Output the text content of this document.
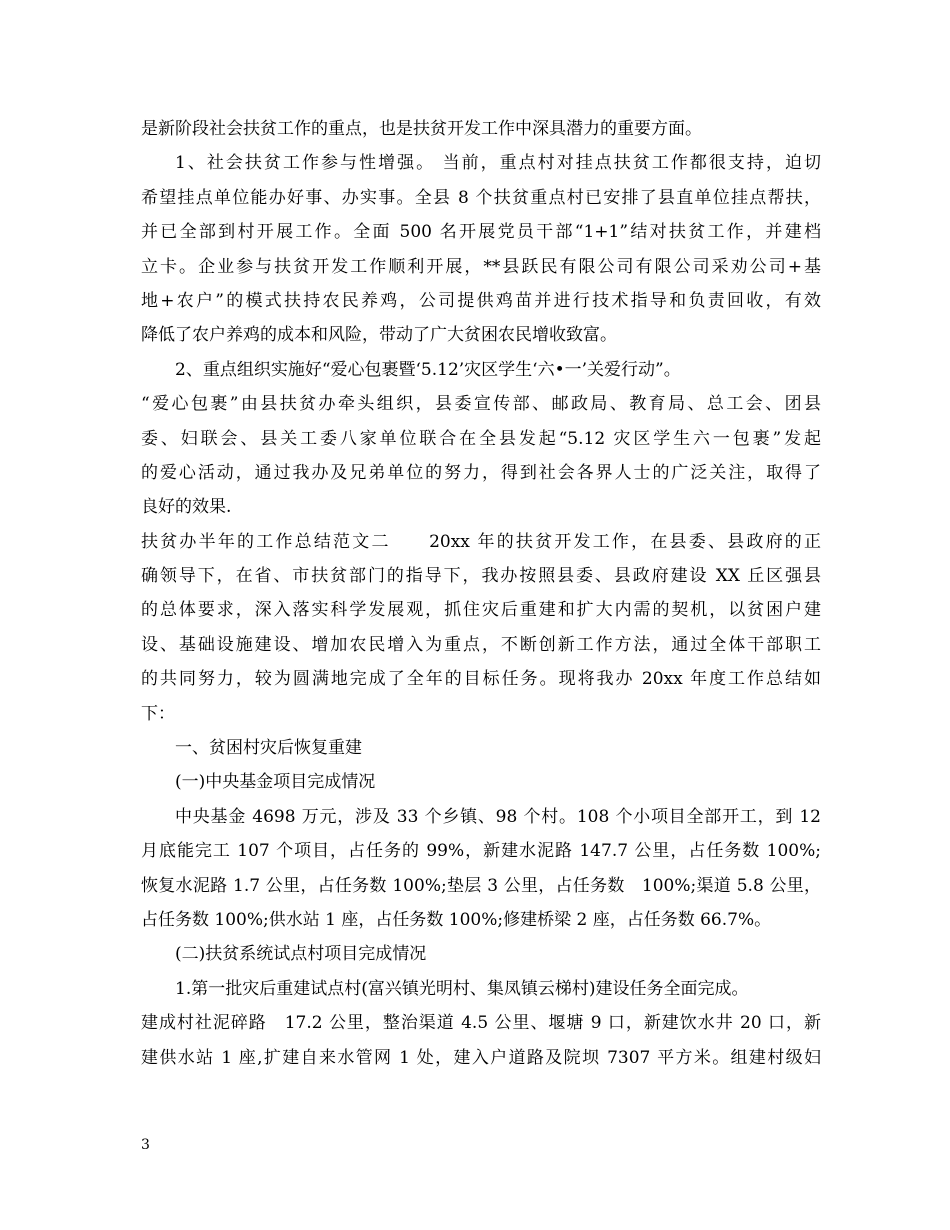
是新阶段社会扶贫工作的重点，也是扶贫开发工作中深具潜力的重要方面。
1、社会扶贫工作参与性增强。 当前，重点村对挂点扶贫工作都很支持，迫切
希望挂点单位能办好事、办实事。全县 8 个扶贫重点村已安排了县直单位挂点帮扶，
并已全部到村开展工作。全面 500 名开展党员干部“1+1”结对扶贫工作，并建档
立卡。企业参与扶贫开发工作顺利开展，**县跃民有限公司有限公司采劝公司+基
地+农户”的模式扶持农民养鸡，公司提供鸡苗并进行技术指导和负责回收，有效
降低了农户养鸡的成本和风险，带动了广大贫困农民增收致富。
2、重点组织实施好“爱心包裹暨‘5.12’灾区学生‘六•一’关爱行动”。
“爱心包裹”由县扶贫办牵头组织，县委宣传部、邮政局、教育局、总工会、团县
委、妇联会、县关工委八家单位联合在全县发起“5.12 灾区学生六一包裹”发起
的爱心活动，通过我办及兄弟单位的努力，得到社会各界人士的广泛关注，取得了
良好的效果.
扶贫办半年的工作总结范文二　　20xx 年的扶贫开发工作，在县委、县政府的正
确领导下，在省、市扶贫部门的指导下，我办按照县委、县政府建设 XX 丘区强县
的总体要求，深入落实科学发展观，抓住灾后重建和扩大内需的契机，以贫困户建
设、基础设施建设、增加农民增入为重点，不断创新工作方法，通过全体干部职工
的共同努力，较为圆满地完成了全年的目标任务。现将我办 20xx 年度工作总结如
下：
一、贫困村灾后恢复重建
(一)中央基金项目完成情况
中央基金 4698 万元，涉及 33 个乡镇、98 个村。108 个小项目全部开工，到 12
月底能完工 107 个项目，占任务的 99%，新建水泥路 147.7 公里，占任务数 100%;
恢复水泥路 1.7 公里，占任务数 100%;垫层 3 公里，占任务数　100%;渠道 5.8 公里，
占任务数 100%;供水站 1 座，占任务数 100%;修建桥梁 2 座，占任务数 66.7%。
(二)扶贫系统试点村项目完成情况
1.第一批灾后重建试点村(富兴镇光明村、集凤镇云梯村)建设任务全面完成。
建成村社泥碎路　17.2 公里，整治渠道 4.5 公里、堰塘 9 口，新建饮水井 20 口，新
建供水站 1 座,扩建自来水管网 1 处，建入户道路及院坝 7307 平方米。组建村级妇
3
